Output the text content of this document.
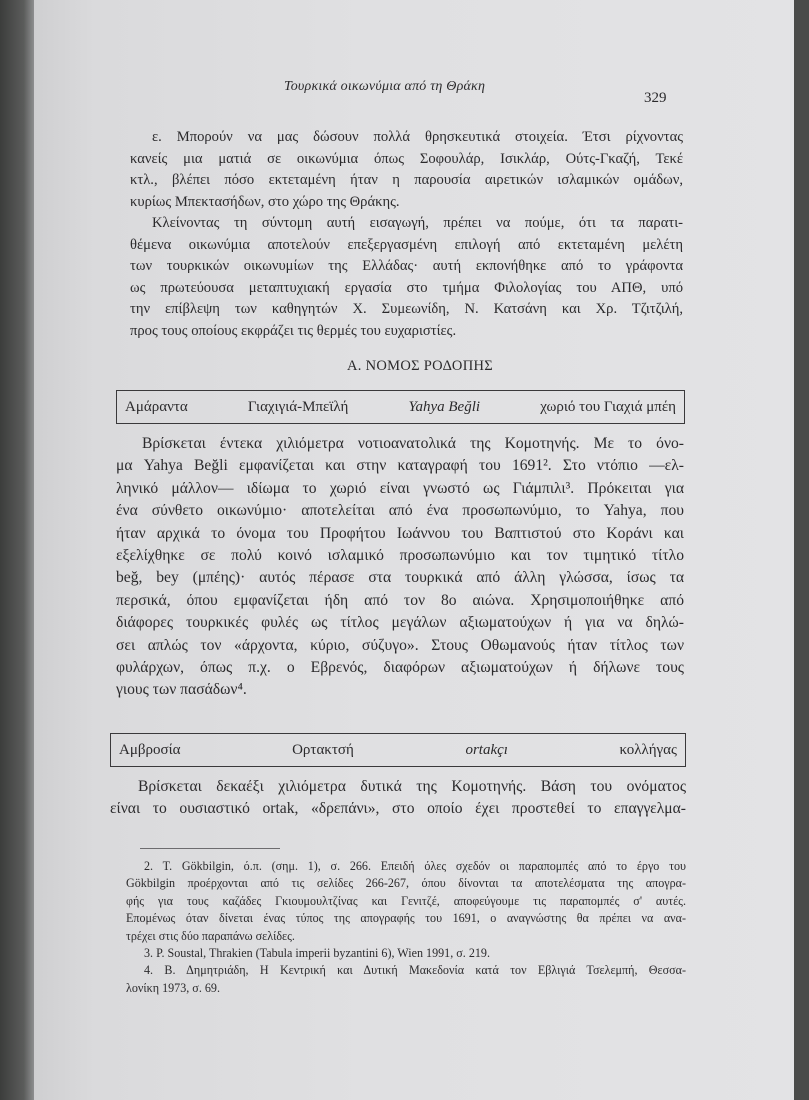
Τουρκικά οικωνύμια από τη Θράκη
329
ε. Μπορούν να μας δώσουν πολλά θρησκευτικά στοιχεία. Έτσι ρίχνοντας
κανείς μια ματιά σε οικωνύμια όπως Σοφουλάρ, Ισικλάρ, Ούτς-Γκαζή, Τεκέ
κτλ., βλέπει πόσο εκτεταμένη ήταν η παρουσία αιρετικών ισλαμικών ομάδων,
κυρίως Μπεκτασήδων, στο χώρο της Θράκης.
Κλείνοντας τη σύντομη αυτή εισαγωγή, πρέπει να πούμε, ότι τα παρατι-
θέμενα οικωνύμια αποτελούν επεξεργασμένη επιλογή από εκτεταμένη μελέτη
των τουρκικών οικωνυμίων της Ελλάδας· αυτή εκπονήθηκε από το γράφοντα
ως πρωτεύουσα μεταπτυχιακή εργασία στο τμήμα Φιλολογίας του ΑΠΘ, υπό
την επίβλεψη των καθηγητών Χ. Συμεωνίδη, Ν. Κατσάνη και Χρ. Τζιτζιλή,
προς τους οποίους εκφράζει τις θερμές του ευχαριστίες.
Α. ΝΟΜΟΣ ΡΟΔΟΠΗΣ
Αμάραντα	Γιαχιγιά-Μπεϊλή	Yahya Beğli	χωριό του Γιαχιά μπέη
Βρίσκεται έντεκα χιλιόμετρα νοτιοανατολικά της Κομοτηνής. Με το όνο-
μα Yahya Beğli εμφανίζεται και στην καταγραφή του 1691². Στο ντόπιο —ελ-
ληνικό μάλλον— ιδίωμα το χωριό είναι γνωστό ως Γιάμπιλι³. Πρόκειται για
ένα σύνθετο οικωνύμιο· αποτελείται από ένα προσωπωνύμιο, το Yahya, που
ήταν αρχικά το όνομα του Προφήτου Ιωάννου του Βαπτιστού στο Κοράνι και
εξελίχθηκε σε πολύ κοινό ισλαμικό προσωπωνύμιο και τον τιμητικό τίτλο
beğ, bey (μπέης)· αυτός πέρασε στα τουρκικά από άλλη γλώσσα, ίσως τα
περσικά, όπου εμφανίζεται ήδη από τον 8ο αιώνα. Χρησιμοποιήθηκε από
διάφορες τουρκικές φυλές ως τίτλος μεγάλων αξιωματούχων ή για να δηλώ-
σει απλώς τον «άρχοντα, κύριο, σύζυγο». Στους Οθωμανούς ήταν τίτλος των
φυλάρχων, όπως π.χ. ο Εβρενός, διαφόρων αξιωματούχων ή δήλωνε τους
γιους των πασάδων⁴.
Αμβροσία	Ορτακτσή	ortakçı	κολλήγας
Βρίσκεται δεκαέξι χιλιόμετρα δυτικά της Κομοτηνής. Βάση του ονόματος
είναι το ουσιαστικό ortak, «δρεπάνι», στο οποίο έχει προστεθεί το επαγγελμα-
2. T. Gökbilgin, ό.π. (σημ. 1), σ. 266. Επειδή όλες σχεδόν οι παραπομπές από το έργο του
Gökbilgin προέρχονται από τις σελίδες 266-267, όπου δίνονται τα αποτελέσματα της απογρα-
φής για τους καζάδες Γκιουμουλτζίνας και Γενιτζέ, αποφεύγουμε τις παραπομπές σ' αυτές.
Επομένως όταν δίνεται ένας τύπος της απογραφής του 1691, ο αναγνώστης θα πρέπει να ανα-
τρέχει στις δύο παραπάνω σελίδες.
3. P. Soustal, Thrakien (Tabula imperii byzantini 6), Wien 1991, σ. 219.
4. Β. Δημητριάδη, Η Κεντρική και Δυτική Μακεδονία κατά τον Εβλιγιά Τσελεμπή, Θεσσα-
λονίκη 1973, σ. 69.
